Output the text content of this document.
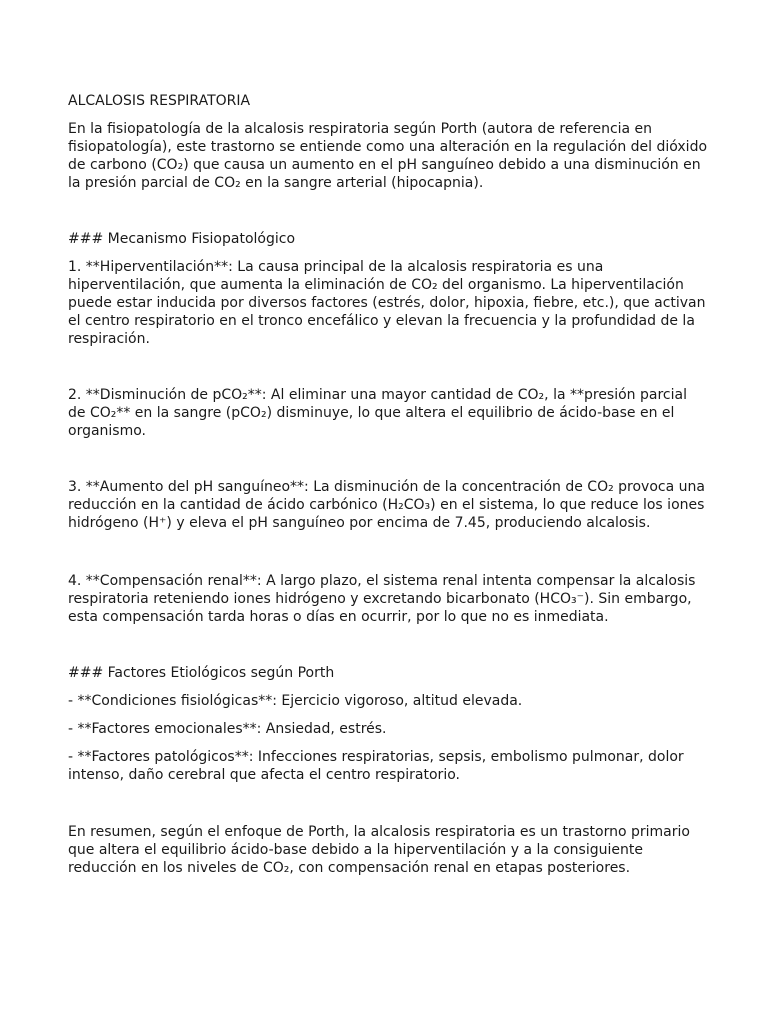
ALCALOSIS RESPIRATORIA

En la fisiopatología de la alcalosis respiratoria según Porth (autora de referencia en fisiopatología), este trastorno se entiende como una alteración en la regulación del dióxido de carbono (CO₂) que causa un aumento en el pH sanguíneo debido a una disminución en la presión parcial de CO₂ en la sangre arterial (hipocapnia).

### Mecanismo Fisiopatológico

1. **Hiperventilación**: La causa principal de la alcalosis respiratoria es una hiperventilación, que aumenta la eliminación de CO₂ del organismo. La hiperventilación puede estar inducida por diversos factores (estrés, dolor, hipoxia, fiebre, etc.), que activan el centro respiratorio en el tronco encefálico y elevan la frecuencia y la profundidad de la respiración.

2. **Disminución de pCO₂**: Al eliminar una mayor cantidad de CO₂, la **presión parcial de CO₂** en la sangre (pCO₂) disminuye, lo que altera el equilibrio de ácido-base en el organismo.

3. **Aumento del pH sanguíneo**: La disminución de la concentración de CO₂ provoca una reducción en la cantidad de ácido carbónico (H₂CO₃) en el sistema, lo que reduce los iones hidrógeno (H⁺) y eleva el pH sanguíneo por encima de 7.45, produciendo alcalosis.

4. **Compensación renal**: A largo plazo, el sistema renal intenta compensar la alcalosis respiratoria reteniendo iones hidrógeno y excretando bicarbonato (HCO₃⁻). Sin embargo, esta compensación tarda horas o días en ocurrir, por lo que no es inmediata.

### Factores Etiológicos según Porth

- **Condiciones fisiológicas**: Ejercicio vigoroso, altitud elevada.

- **Factores emocionales**: Ansiedad, estrés.

- **Factores patológicos**: Infecciones respiratorias, sepsis, embolismo pulmonar, dolor intenso, daño cerebral que afecta el centro respiratorio.

En resumen, según el enfoque de Porth, la alcalosis respiratoria es un trastorno primario que altera el equilibrio ácido-base debido a la hiperventilación y a la consiguiente reducción en los niveles de CO₂, con compensación renal en etapas posteriores.
